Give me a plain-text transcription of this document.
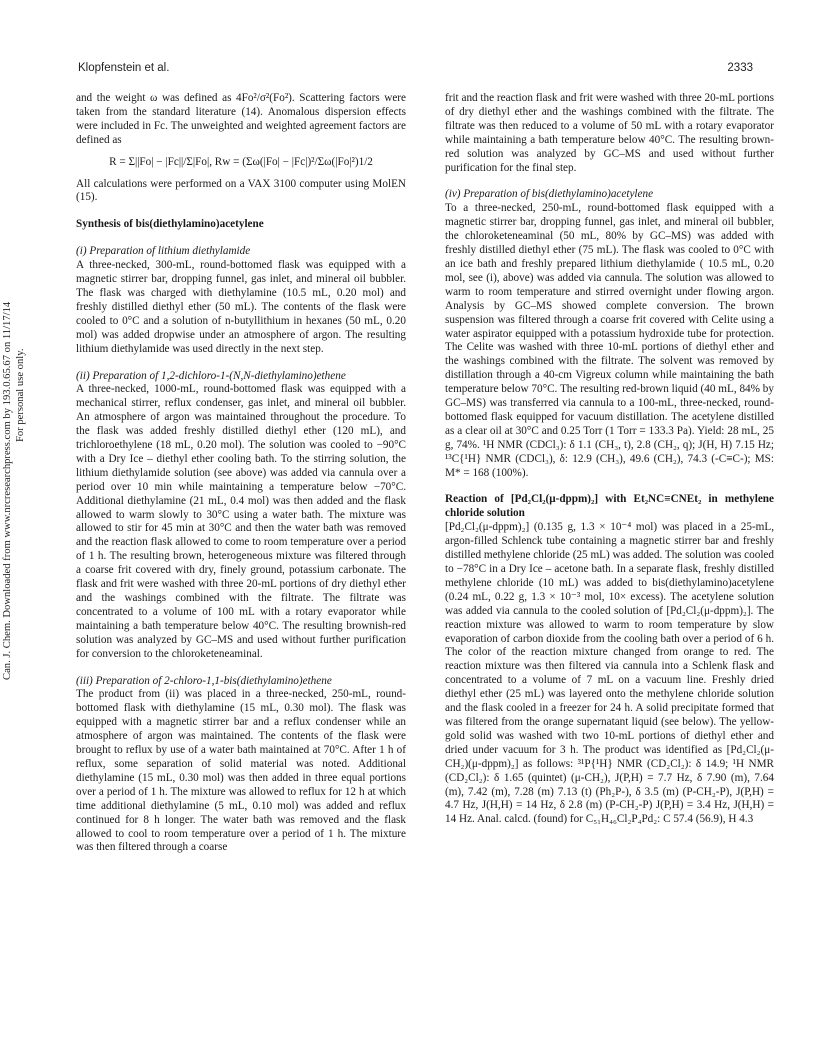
Klopfenstein et al.	2333
Can. J. Chem. Downloaded from www.nrcresearchpress.com by 193.0.65.67 on 11/17/14 For personal use only.

and the weight ω was defined as 4Fo²/σ²(Fo²). Scattering factors were taken from the standard literature (14). Anomalous dispersion effects were included in Fc. The unweighted and weighted agreement factors are defined as

R = Σ||Fo| − |Fc||/Σ|Fo|, Rw = (Σω(|Fo| − |Fc|)²/Σω(|Fo|²)1/2

All calculations were performed on a VAX 3100 computer using MolEN (15).

Synthesis of bis(diethylamino)acetylene

(i) Preparation of lithium diethylamide

A three-necked, 300-mL, round-bottomed flask was equipped with a magnetic stirrer bar, dropping funnel, gas inlet, and mineral oil bubbler. The flask was charged with diethylamine (10.5 mL, 0.20 mol) and freshly distilled diethyl ether (50 mL). The contents of the flask were cooled to 0°C and a solution of n-butyllithium in hexanes (50 mL, 0.20 mol) was added dropwise under an atmosphere of argon. The resulting lithium diethylamide was used directly in the next step.

(ii) Preparation of 1,2-dichloro-1-(N,N-diethylamino)ethene

A three-necked, 1000-mL, round-bottomed flask was equipped with a mechanical stirrer, reflux condenser, gas inlet, and mineral oil bubbler. An atmosphere of argon was maintained throughout the procedure. To the flask was added freshly distilled diethyl ether (120 mL), and trichloroethylene (18 mL, 0.20 mol). The solution was cooled to −90°C with a Dry Ice – diethyl ether cooling bath. To the stirring solution, the lithium diethylamide solution (see above) was added via cannula over a period over 10 min while maintaining a temperature below −70°C. Additional diethylamine (21 mL, 0.4 mol) was then added and the flask allowed to warm slowly to 30°C using a water bath. The mixture was allowed to stir for 45 min at 30°C and then the water bath was removed and the reaction flask allowed to come to room temperature over a period of 1 h. The resulting brown, heterogeneous mixture was filtered through a coarse frit covered with dry, finely ground, potassium carbonate. The flask and frit were washed with three 20-mL portions of dry diethyl ether and the washings combined with the filtrate. The filtrate was concentrated to a volume of 100 mL with a rotary evaporator while maintaining a bath temperature below 40°C. The resulting brownish-red solution was analyzed by GC–MS and used without further purification for conversion to the chloroketeneaminal.

(iii) Preparation of 2-chloro-1,1-bis(diethylamino)ethene

The product from (ii) was placed in a three-necked, 250-mL, round-bottomed flask with diethylamine (15 mL, 0.30 mol). The flask was equipped with a magnetic stirrer bar and a reflux condenser while an atmosphere of argon was maintained. The contents of the flask were brought to reflux by use of a water bath maintained at 70°C. After 1 h of reflux, some separation of solid material was noted. Additional diethylamine (15 mL, 0.30 mol) was then added in three equal portions over a period of 1 h. The mixture was allowed to reflux for 12 h at which time additional diethylamine (5 mL, 0.10 mol) was added and reflux continued for 8 h longer. The water bath was removed and the flask allowed to cool to room temperature over a period of 1 h. The mixture was then filtered through a coarse

frit and the reaction flask and frit were washed with three 20-mL portions of dry diethyl ether and the washings combined with the filtrate. The filtrate was then reduced to a volume of 50 mL with a rotary evaporator while maintaining a bath temperature below 40°C. The resulting brown-red solution was analyzed by GC–MS and used without further purification for the final step.

(iv) Preparation of bis(diethylamino)acetylene

To a three-necked, 250-mL, round-bottomed flask equipped with a magnetic stirrer bar, dropping funnel, gas inlet, and mineral oil bubbler, the chloroketeneaminal (50 mL, 80% by GC–MS) was added with freshly distilled diethyl ether (75 mL). The flask was cooled to 0°C with an ice bath and freshly prepared lithium diethylamide ( 10.5 mL, 0.20 mol, see (i), above) was added via cannula. The solution was allowed to warm to room temperature and stirred overnight under flowing argon. Analysis by GC–MS showed complete conversion. The brown suspension was filtered through a coarse frit covered with Celite using a water aspirator equipped with a potassium hydroxide tube for protection. The Celite was washed with three 10-mL portions of diethyl ether and the washings combined with the filtrate. The solvent was removed by distillation through a 40-cm Vigreux column while maintaining the bath temperature below 70°C. The resulting red-brown liquid (40 mL, 84% by GC–MS) was transferred via cannula to a 100-mL, three-necked, round-bottomed flask equipped for vacuum distillation. The acetylene distilled as a clear oil at 30°C and 0.25 Torr (1 Torr = 133.3 Pa). Yield: 28 mL, 25 g, 74%. ¹H NMR (CDCl₃): δ 1.1 (CH₃, t), 2.8 (CH₂, q); J(H, H) 7.15 Hz; ¹³C{¹H} NMR (CDCl₃), δ: 12.9 (CH₃), 49.6 (CH₂), 74.3 (-C≡C-); MS: M* = 168 (100%).

Reaction of [Pd₂Cl₂(μ-dppm)₂] with Et₂NC≡CNEt₂ in methylene chloride solution

[Pd₂Cl₂(μ-dppm)₂] (0.135 g, 1.3 × 10⁻⁴ mol) was placed in a 25-mL, argon-filled Schlenck tube containing a magnetic stirrer bar and freshly distilled methylene chloride (25 mL) was added. The solution was cooled to −78°C in a Dry Ice – acetone bath. In a separate flask, freshly distilled methylene chloride (10 mL) was added to bis(diethylamino)acetylene (0.24 mL, 0.22 g, 1.3 × 10⁻³ mol, 10× excess). The acetylene solution was added via cannula to the cooled solution of [Pd₂Cl₂(μ-dppm)₂]. The reaction mixture was allowed to warm to room temperature by slow evaporation of carbon dioxide from the cooling bath over a period of 6 h. The color of the reaction mixture changed from orange to red. The reaction mixture was then filtered via cannula into a Schlenk flask and concentrated to a volume of 7 mL on a vacuum line. Freshly dried diethyl ether (25 mL) was layered onto the methylene chloride solution and the flask cooled in a freezer for 24 h. A solid precipitate formed that was filtered from the orange supernatant liquid (see below). The yellow-gold solid was washed with two 10-mL portions of diethyl ether and dried under vacuum for 3 h. The product was identified as [Pd₂Cl₂(μ-CH₂)(μ-dppm)₂] as follows: ³¹P{¹H} NMR (CD₂Cl₂): δ 14.9; ¹H NMR (CD₂Cl₂): δ 1.65 (quintet) (μ-CH₂), J(P,H) = 7.7 Hz, δ 7.90 (m), 7.64 (m), 7.42 (m), 7.28 (m) 7.13 (t) (Ph₂P-), δ 3.5 (m) (P-CH₂-P), J(P,H) = 4.7 Hz, J(H,H) = 14 Hz, δ 2.8 (m) (P-CH₂-P) J(P,H) = 3.4 Hz, J(H,H) = 14 Hz. Anal. calcd. (found) for C₅₁H₄₆Cl₂P₄Pd₂: C 57.4 (56.9), H 4.3
